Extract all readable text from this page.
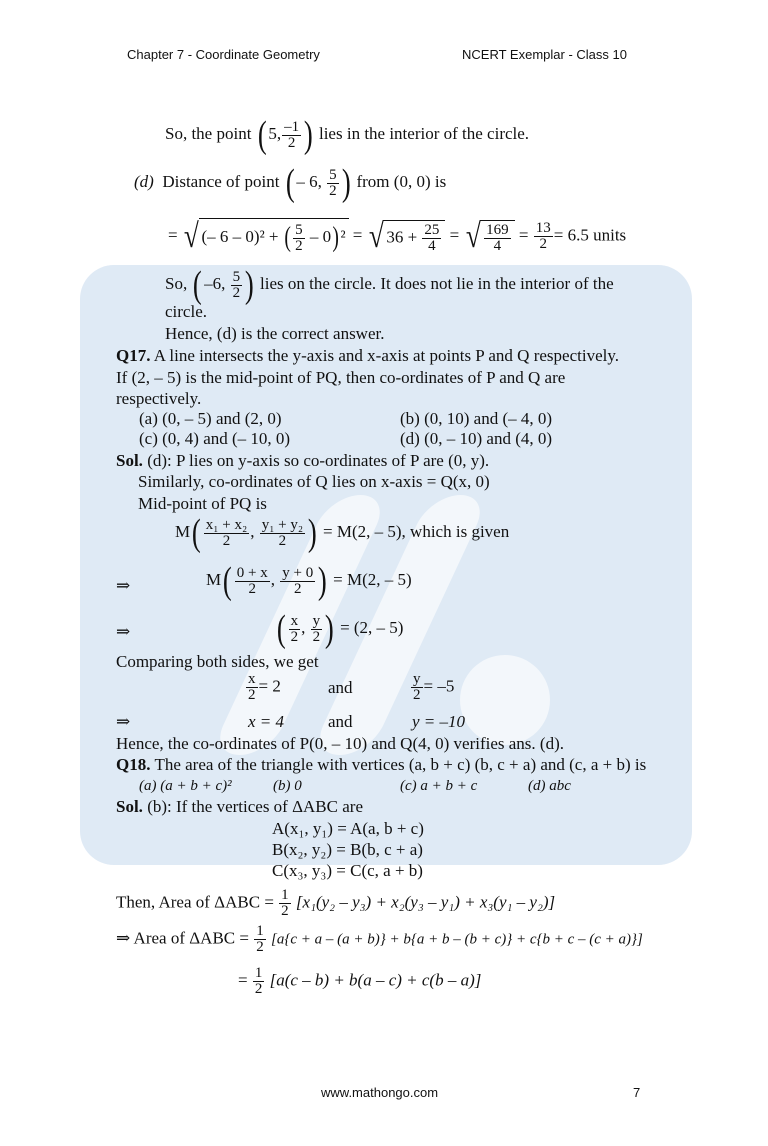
Chapter 7 - Coordinate Geometry	NCERT Exemplar - Class 10
So, the point ( 5, $\frac{-1}{2}$ ) lies in the interior of the circle.
(d) Distance of point ( – 6, $\frac{5}{2}$ ) from (0, 0) is
= √ (– 6 – 0)² + ( $\frac{5}{2} - 0)^2$ = √ $36 + \frac{25}{4}$ = √ $\frac{169}{4} = \frac{13}{2} = 6.5$ units
So, ( –6, $\frac{5}{2}$ ) lies on the circle. It does not lie in the interior of the
circle.
Hence, (d) is the correct answer.
Q17. A line intersects the y-axis and x-axis at points P and Q respectively.
If (2, – 5) is the mid-point of PQ, then co-ordinates of P and Q are
respectively.
(a) (0, – 5) and (2, 0)	(b) (0, 10) and (– 4, 0)
(c) (0, 4) and (– 10, 0)	(d) (0, – 10) and (4, 0)
Sol. (d): P lies on y-axis so co-ordinates of P are (0, y).
Similarly, co-ordinates of Q lies on x-axis = Q(x, 0)
Mid-point of PQ is
$M( \frac{\text{x₁ + x₂}}{2}$ , $\frac{\text{y₁ + y₂}}{2}$ ) = M(2, – 5), which is given
⇒	$M( \frac{0 + x}{2}$ , $\frac{y + 0}{2}$ ) = M(2, – 5)
⇒	( $\frac{x}{2}$ , $\frac{y}{2}$ ) = (2, – 5)
Comparing both sides, we get
$\frac{x}{2} = 2$	and	$\frac{y}{2} = -5$
⇒	x = 4	and	y = –10
Hence, the co-ordinates of P(0, – 10) and Q(4, 0) verifies ans. (d).
Q18. The area of the triangle with vertices (a, b + c) (b, c + a) and (c, a + b) is
(a) (a + b + c)²	(b) 0	(c) a + b + c	(d) abc
Sol. (b): If the vertices of ΔABC are
A(x₁, y₁) = A(a, b + c)
B(x₂, y₂) = B(b, c + a)
C(x₃, y₃) = C(c, a + b)
Then, Area of $\Delta ABC = \frac{1}{2} [x_1(y_2 - y_3) + x_2(y_3 - y_1) + x_3(y_1 - y_2)]$
⇒ Area of $\Delta ABC = \frac{1}{2} [a\{c + a - (a + b)\} + b\{a + b - (b + c)\} + c\{b + c - (c + a)\}]$
= $\frac{1}{2} [a(c - b) + b(a - c) + c(b - a)]$
www.mathongo.com	7
